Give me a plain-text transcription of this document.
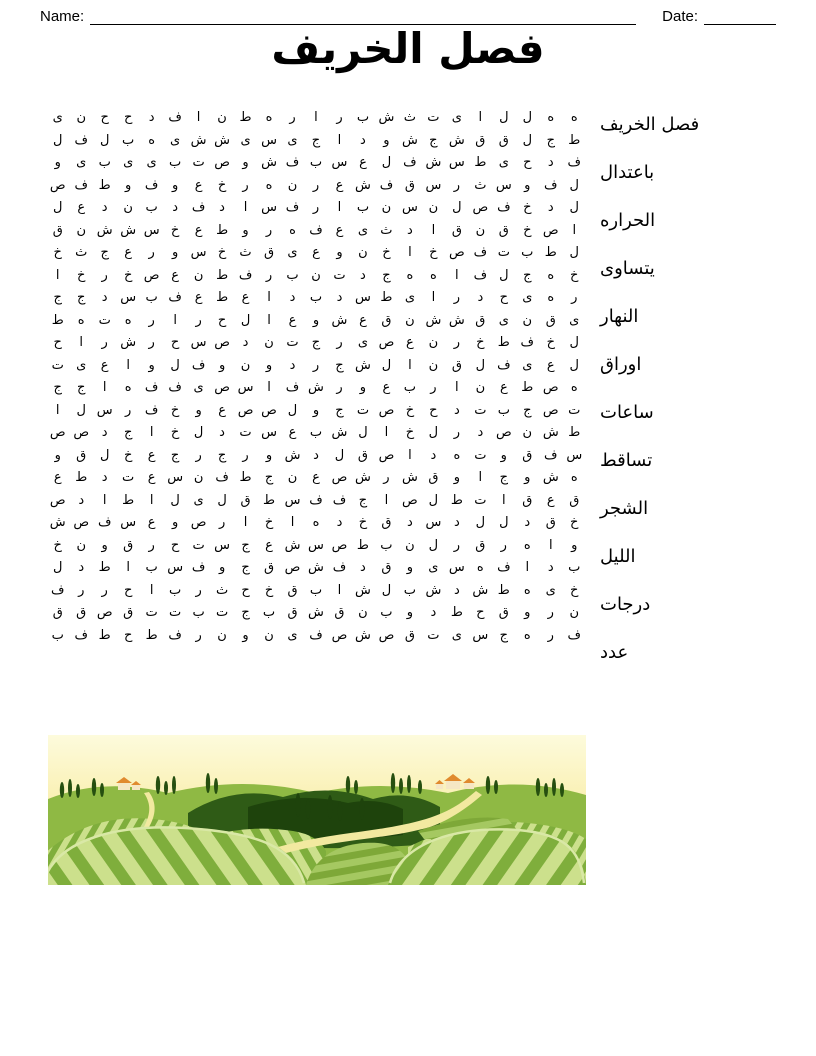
Name:	Date:
فصل الخريف
ى	ن	ح	ح	د	ف	ا	ن ط	ه	ر	ا	ر	ب ش ث ت ى	ا	ل	ل	ه	ه
ل ف ل ب	ه	ى ش ش ى س ى	ج	ا	د	و ش ج ش ق	ق	ل	ج	ط
و	ى ب ى	ى ب ت ص و ش ف ب س ع	ل ف ش س ط ى	ح	د	ف
ص ف ط	و	ف	و	ع	خ	ر	ه	ن	ر	ع ش ف ق س ر	ث س و	ف ل
ل	ع	د	ن ب	د	ف	د	ا	س ف	ر	ا	ب ن س ن	ل ص ف خ	د	ل
ق	ن ش ش س خ	ع	ط	و	ر	ه	ف ع	ى ث	د	ا	ق	ن	ق	خ ص	ا
خ	ث	ج	ع	ر	و س خ	ث ق	ى	ع	و	ن	خ	ا	خ ص ف ت ب ط ل
ا	خ	ر	خ ص ع	ن ط ف	ر	ب ن ت	د	ج	ه	ه	ا	ف ل	ج	ه	خ
ج	ج	د س ب ف ع	ط	ع	ا	د	ب	د س ط ى	ا	ر	د	ح	ى	ه	ر
ط	ه	ت	ه	ر	ا	ر	ح	ل	ا	ع	و ش ع	ق	ن ش ش ق	ى	ن	ق	ى
ح	ا	ر ش ر	ح س ص د	ن ت	ج	ر	ى ص ع	ن	ر	خ	ط ف خ	ل
ت ى	ع	ا	و	ل ف	و	ن	و	د	ر	ج ش ل	ا	ن	ق	ل ف ى	ع	ل
ج	ج	ا	ه	ف ف ى ص س	ا	ف ش ر	و	ع	ب	ر	ا	ن	ع	ط ص ه
ا	ل س ر	ف خ	و	ع ص ص ل	و	ج	ت ص خ	ح	د	ت ب	ج ص ت
ص ص د	ج	ا	خ	ل	د	ت س ع	ب ش ل	ا	خ	ل	ر	د ص ن ش ط
و	ق	ل	خ	ع	ج	ر	ج	ر	و ش د	ل	ق ص	ا	د	ه	ت	و	ق ف س
ع	ط	د	ت	ع س ن ف ط	ج	ن	ع ص ش ر ش ق	و	ا	ج	و ش ه
ص د	ا	ط	ا	ل	ى	ل	ق ط س ف ف ج	ا	ص ل ط ت	ا	ق	ع	ق
ش ص ف س ع	و ص ر	ا	خ	ا	ه	د	خ	ق	د س د	ل	ل	د	ق	خ
خ	ن	و	ق	ر	ح	ت س ج	ع ش س ص ط ب ن	ل	ر	ق	ر	ه	ا	و
ل	د	ط	ا	ب س ف	و	ج	ق ص ش ف	د	ق	و	ى س ه	ف	ا	د	ب
ف	ر	ر	ح	ا	ب	ر	ث	ح	خ	ق ب	ا	ش ل ب ش د ش ط	ه	ى	خ
ق	ق ص ق ت ت ب ت	ج	ب ق ش ق	ن ب	و	د	ط	ح	ق	و	ر	ن
ب ف ط	ح	ط ف	ر	ن	و	ن	ى ف ص ش ص ق ت ى س ج	ه	ر	ف
فصل الخريف
باعتدال
الحراره
يتساوى
النهار
اوراق
ساعات
تساقط
الشجر
الليل
درجات
عدد
